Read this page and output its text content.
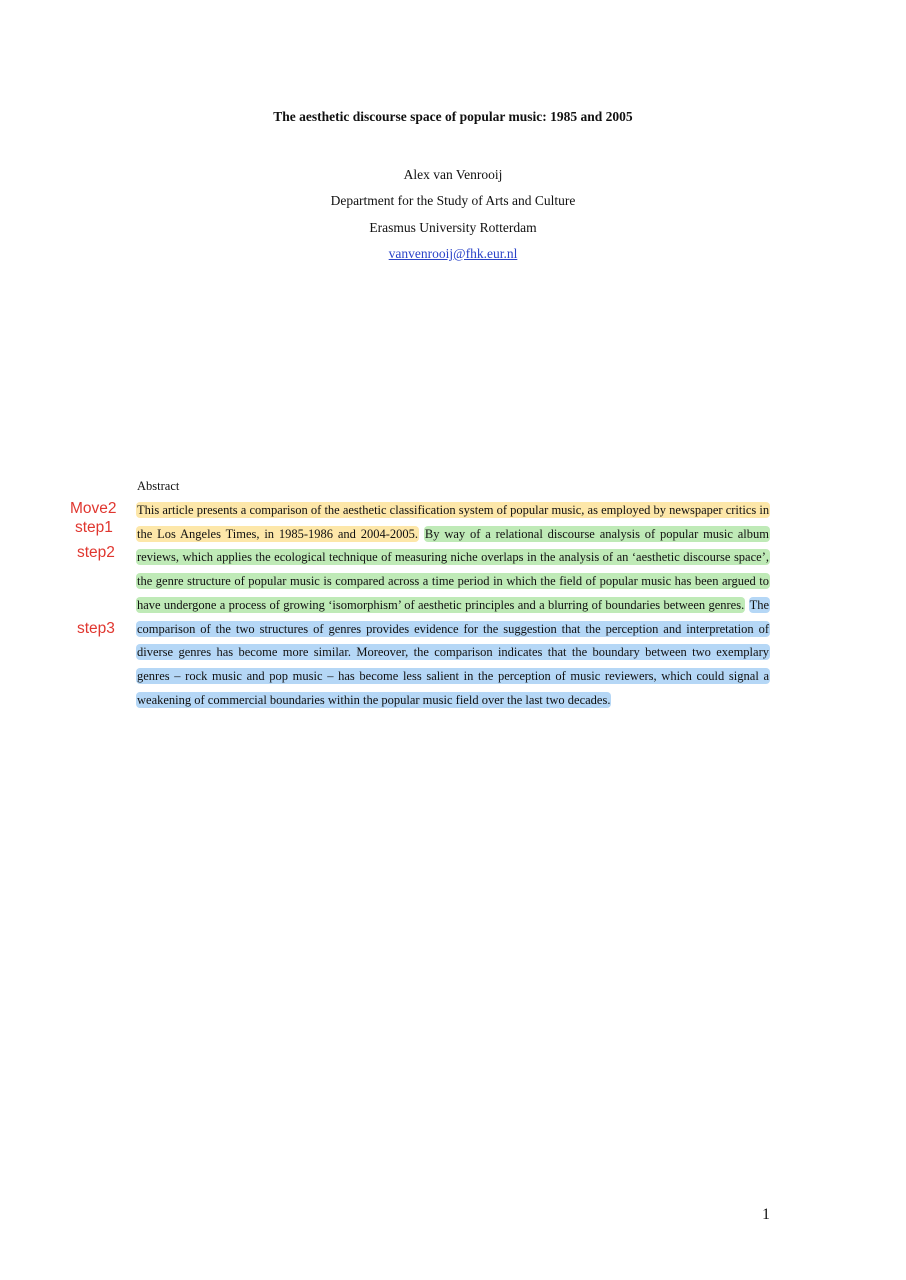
The aesthetic discourse space of popular music: 1985 and 2005
Alex van Venrooij
Department for the Study of Arts and Culture
Erasmus University Rotterdam
vanvenrooij@fhk.eur.nl
Abstract
Move2
step1
step2
step3

This article presents a comparison of the aesthetic classification system of popular music, as employed by newspaper critics in the Los Angeles Times, in 1985-1986 and 2004-2005. By way of a relational discourse analysis of popular music album reviews, which applies the ecological technique of measuring niche overlaps in the analysis of an ‘aesthetic discourse space’, the genre structure of popular music is compared across a time period in which the field of popular music has been argued to have undergone a process of growing ‘isomorphism’ of aesthetic principles and a blurring of boundaries between genres. The comparison of the two structures of genres provides evidence for the suggestion that the perception and interpretation of diverse genres has become more similar. Moreover, the comparison indicates that the boundary between two exemplary genres – rock music and pop music – has become less salient in the perception of music reviewers, which could signal a weakening of commercial boundaries within the popular music field over the last two decades.

1
